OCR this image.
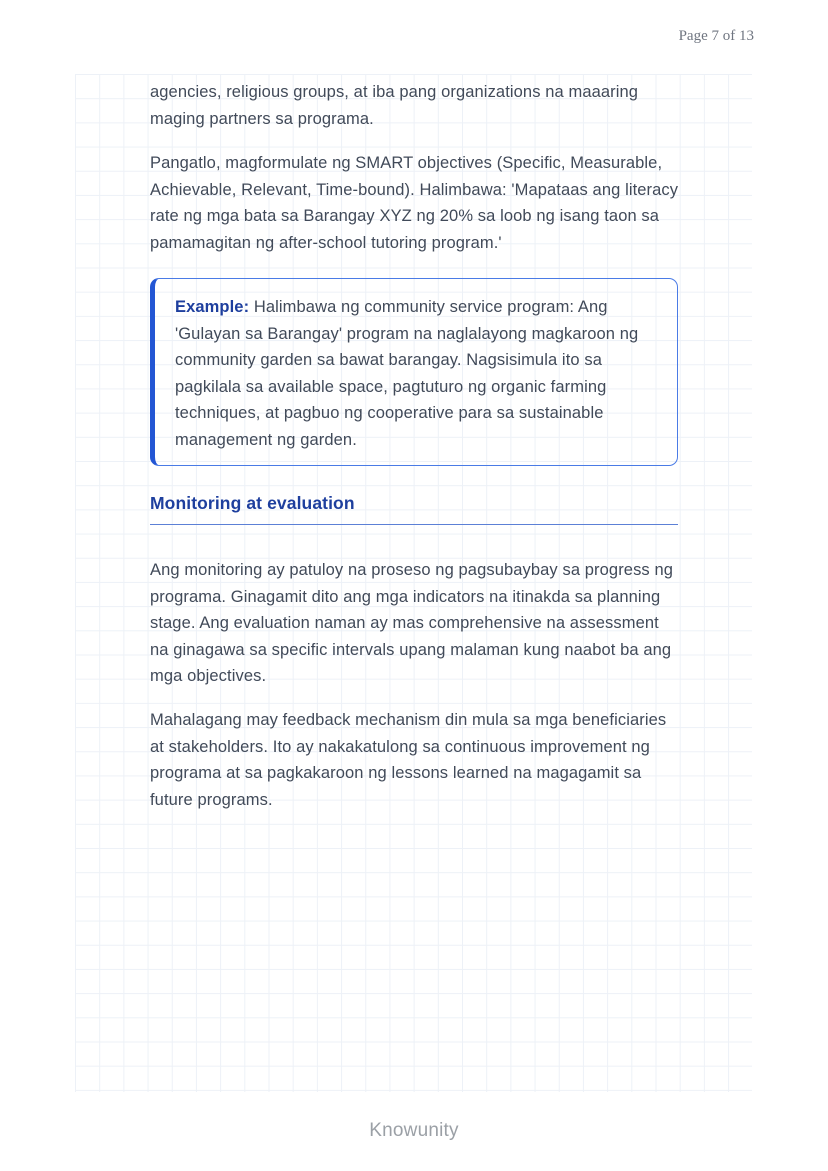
Page 7 of 13

agencies, religious groups, at iba pang organizations na maaaring maging partners sa programa.

Pangatlo, magformulate ng SMART objectives (Specific, Measurable, Achievable, Relevant, Time-bound). Halimbawa: 'Mapataas ang literacy rate ng mga bata sa Barangay XYZ ng 20% sa loob ng isang taon sa pamamagitan ng after-school tutoring program.'

Example: Halimbawa ng community service program: Ang 'Gulayan sa Barangay' program na naglalayong magkaroon ng community garden sa bawat barangay. Nagsisimula ito sa pagkilala sa available space, pagtuturo ng organic farming techniques, at pagbuo ng cooperative para sa sustainable management ng garden.

Monitoring at evaluation

Ang monitoring ay patuloy na proseso ng pagsubaybay sa progress ng programa. Ginagamit dito ang mga indicators na itinakda sa planning stage. Ang evaluation naman ay mas comprehensive na assessment na ginagawa sa specific intervals upang malaman kung naabot ba ang mga objectives.

Mahalagang may feedback mechanism din mula sa mga beneficiaries at stakeholders. Ito ay nakakatulong sa continuous improvement ng programa at sa pagkakaroon ng lessons learned na magagamit sa future programs.

Knowunity
